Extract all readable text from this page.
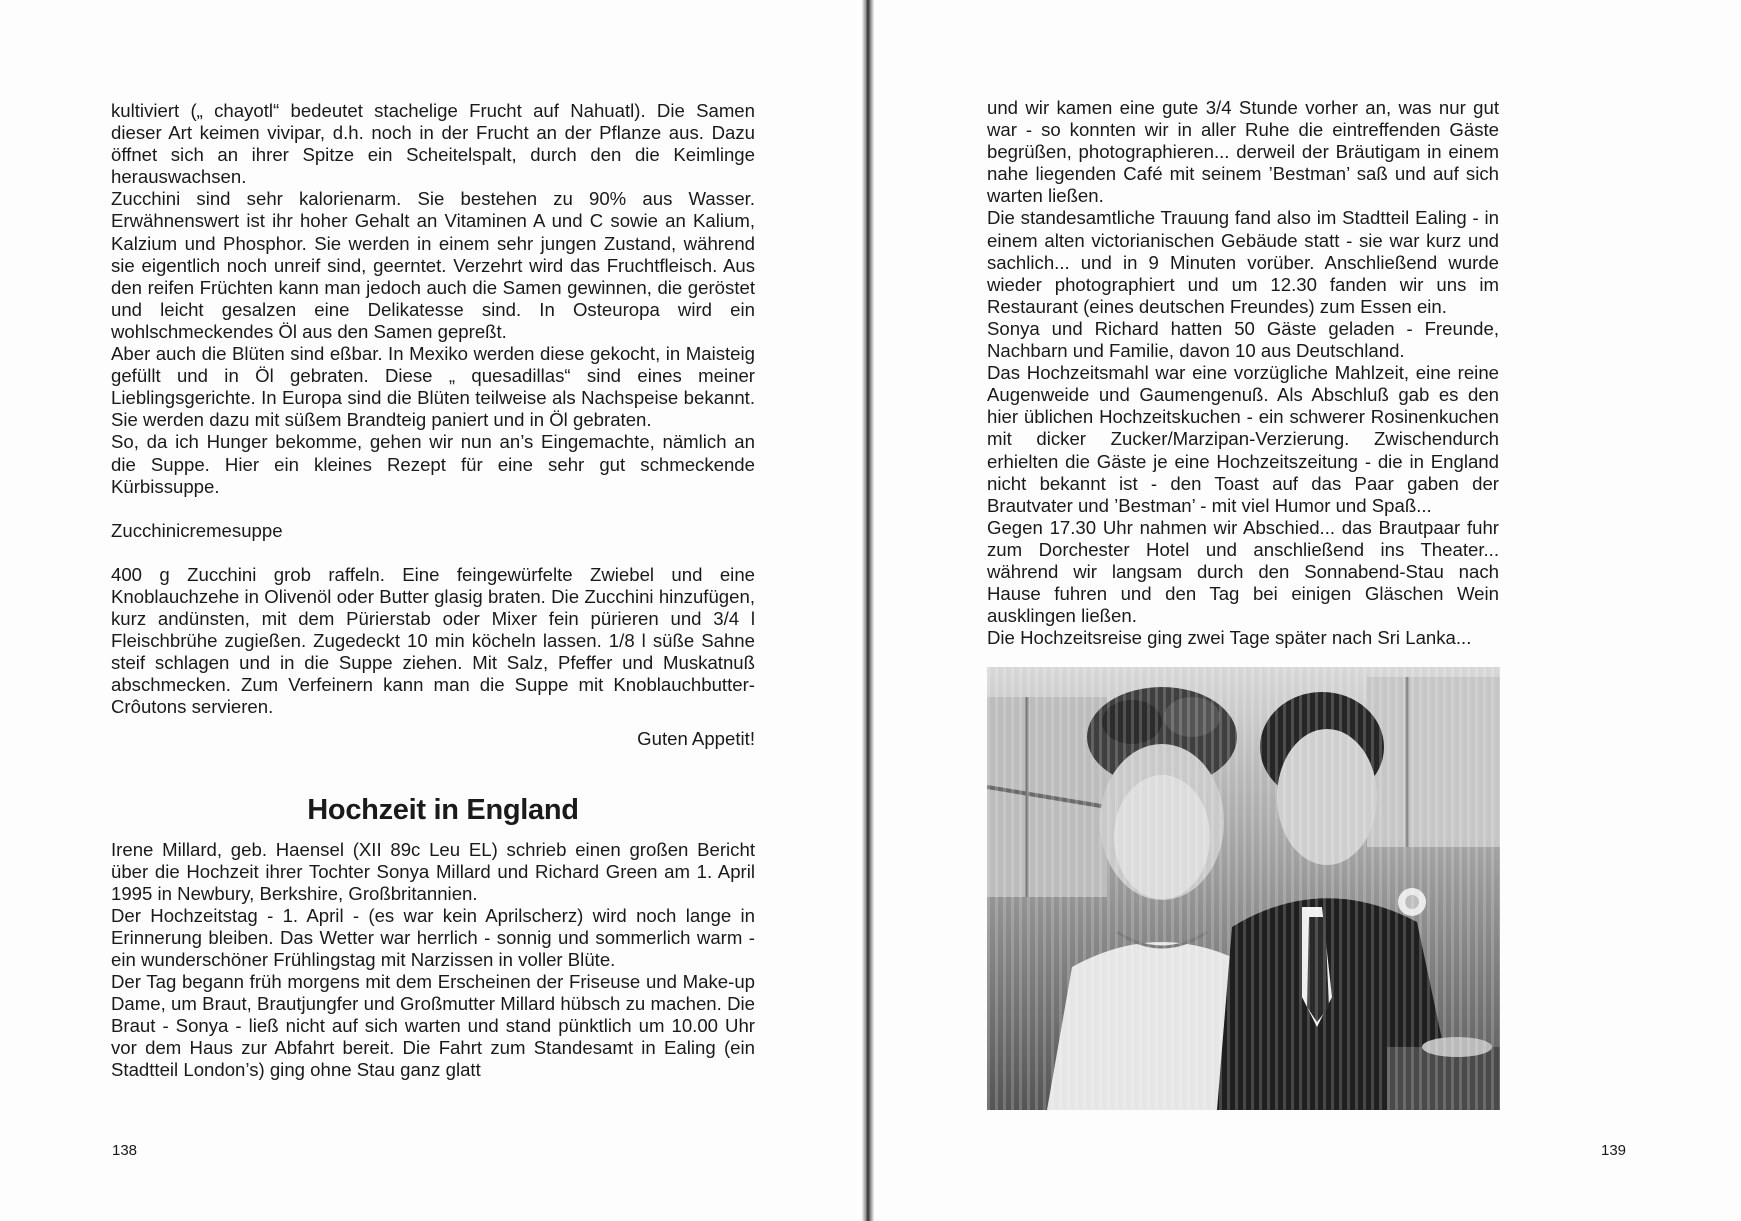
kultiviert („ chayotl“ bedeutet stachelige Frucht auf Nahuatl). Die Samen dieser Art keimen vivipar, d.h. noch in der Frucht an der Pflanze aus. Dazu öffnet sich an ihrer Spitze ein Scheitelspalt, durch den die Keimlinge herauswachsen.

Zucchini sind sehr kalorienarm. Sie bestehen zu 90% aus Wasser. Erwähnenswert ist ihr hoher Gehalt an Vitaminen A und C sowie an Kalium, Kalzium und Phosphor. Sie werden in einem sehr jungen Zustand, während sie eigentlich noch unreif sind, geerntet. Verzehrt wird das Fruchtfleisch. Aus den reifen Früchten kann man jedoch auch die Samen gewinnen, die geröstet und leicht gesalzen eine Delikatesse sind. In Osteuropa wird ein wohlschmeckendes Öl aus den Samen gepreßt.

Aber auch die Blüten sind eßbar. In Mexiko werden diese gekocht, in Maisteig gefüllt und in Öl gebraten. Diese „ quesadillas“ sind eines meiner Lieblingsgerichte. In Europa sind die Blüten teilweise als Nachspeise bekannt. Sie werden dazu mit süßem Brandteig paniert und in Öl gebraten.

So, da ich Hunger bekomme, gehen wir nun an’s Eingemachte, nämlich an die Suppe. Hier ein kleines Rezept für eine sehr gut schmeckende Kürbissuppe.

Zucchinicremesuppe

400 g Zucchini grob raffeln. Eine feingewürfelte Zwiebel und eine Knoblauchzehe in Olivenöl oder Butter glasig braten. Die Zucchini hinzufügen, kurz andünsten, mit dem Pürierstab oder Mixer fein pürieren und 3/4 l Fleischbrühe zugießen. Zugedeckt 10 min köcheln lassen. 1/8 l süße Sahne steif schlagen und in die Suppe ziehen. Mit Salz, Pfeffer und Muskatnuß abschmecken. Zum Verfeinern kann man die Suppe mit Knoblauchbutter-Crôutons servieren.

Guten Appetit!

Hochzeit in England

Irene Millard, geb. Haensel (XII 89c Leu EL) schrieb einen großen Bericht über die Hochzeit ihrer Tochter Sonya Millard und Richard Green am 1. April 1995 in Newbury, Berkshire, Großbritannien.

Der Hochzeitstag - 1. April - (es war kein Aprilscherz) wird noch lange in Erinnerung bleiben. Das Wetter war herrlich - sonnig und sommerlich warm - ein wunderschöner Frühlingstag mit Narzissen in voller Blüte.

Der Tag begann früh morgens mit dem Erscheinen der Friseuse und Make-up Dame, um Braut, Brautjungfer und Großmutter Millard hübsch zu machen. Die Braut - Sonya - ließ nicht auf sich warten und stand pünktlich um 10.00 Uhr vor dem Haus zur Abfahrt bereit. Die Fahrt zum Standesamt in Ealing (ein Stadtteil London’s) ging ohne Stau ganz glatt

138

und wir kamen eine gute 3/4 Stunde vorher an, was nur gut war - so konnten wir in aller Ruhe die eintreffenden Gäste begrüßen, photographieren... derweil der Bräutigam in einem nahe liegenden Café mit seinem ’Bestman’ saß und auf sich warten ließen.

Die standesamtliche Trauung fand also im Stadtteil Ealing - in einem alten victorianischen Gebäude statt - sie war kurz und sachlich... und in 9 Minuten vorüber. Anschließend wurde wieder photographiert und um 12.30 fanden wir uns im Restaurant (eines deutschen Freundes) zum Essen ein.

Sonya und Richard hatten 50 Gäste geladen - Freunde, Nachbarn und Familie, davon 10 aus Deutschland.

Das Hochzeitsmahl war eine vorzügliche Mahlzeit, eine reine Augenweide und Gaumengenuß. Als Abschluß gab es den hier üblichen Hochzeitskuchen - ein schwerer Rosinenkuchen mit dicker Zucker/Marzipan-Verzierung. Zwischendurch erhielten die Gäste je eine Hochzeitszeitung - die in England nicht bekannt ist - den Toast auf das Paar gaben der Brautvater und ’Bestman’ - mit viel Humor und Spaß...

Gegen 17.30 Uhr nahmen wir Abschied... das Brautpaar fuhr zum Dorchester Hotel und anschließend ins Theater... während wir langsam durch den Sonnabend-Stau nach Hause fuhren und den Tag bei einigen Gläschen Wein ausklingen ließen.

Die Hochzeitsreise ging zwei Tage später nach Sri Lanka...

139
